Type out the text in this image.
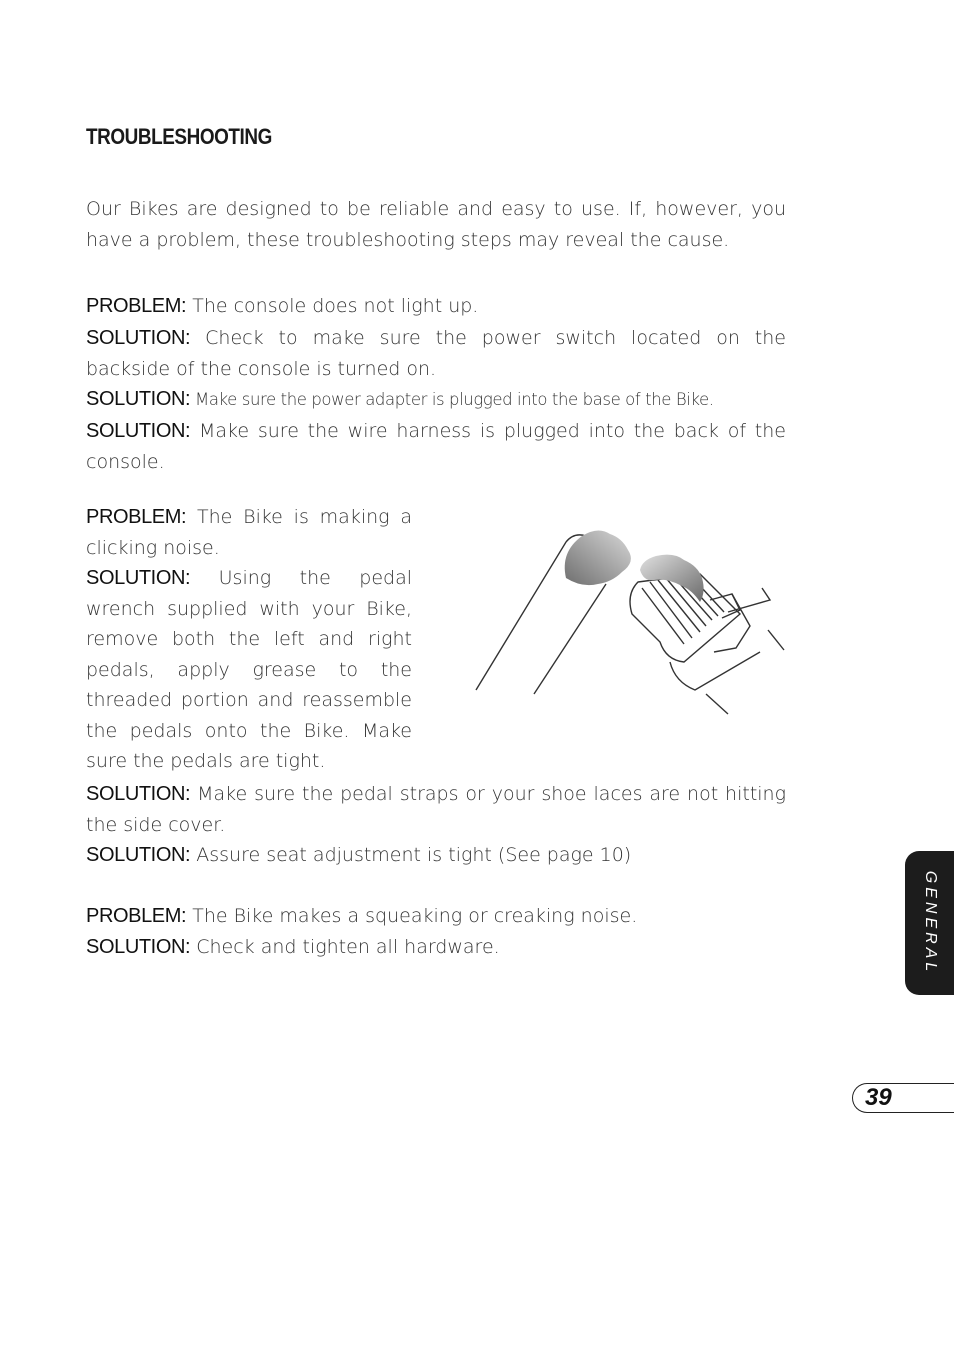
TROUBLESHOOTING
Our Bikes are designed to be reliable and easy to use. If, however, you have a problem, these troubleshooting steps may reveal the cause.
PROBLEM: The console does not light up.
SOLUTION: Check to make sure the power switch located on the backside of the console is turned on.
SOLUTION: Make sure the power adapter is plugged into the base of the Bike.
SOLUTION: Make sure the wire harness is plugged into the back of the console.
PROBLEM: The Bike is making a clicking noise.
SOLUTION: Using the pedal wrench supplied with your Bike, remove both the left and right pedals, apply grease to the threaded portion and reassemble the pedals onto the Bike. Make sure the pedals are tight.
SOLUTION: Make sure the pedal straps or your shoe laces are not hitting the side cover.
SOLUTION: Assure seat adjustment is tight (See page 10)
PROBLEM: The Bike makes a squeaking or creaking noise.
SOLUTION: Check and tighten all hardware.	GENERAL
39
